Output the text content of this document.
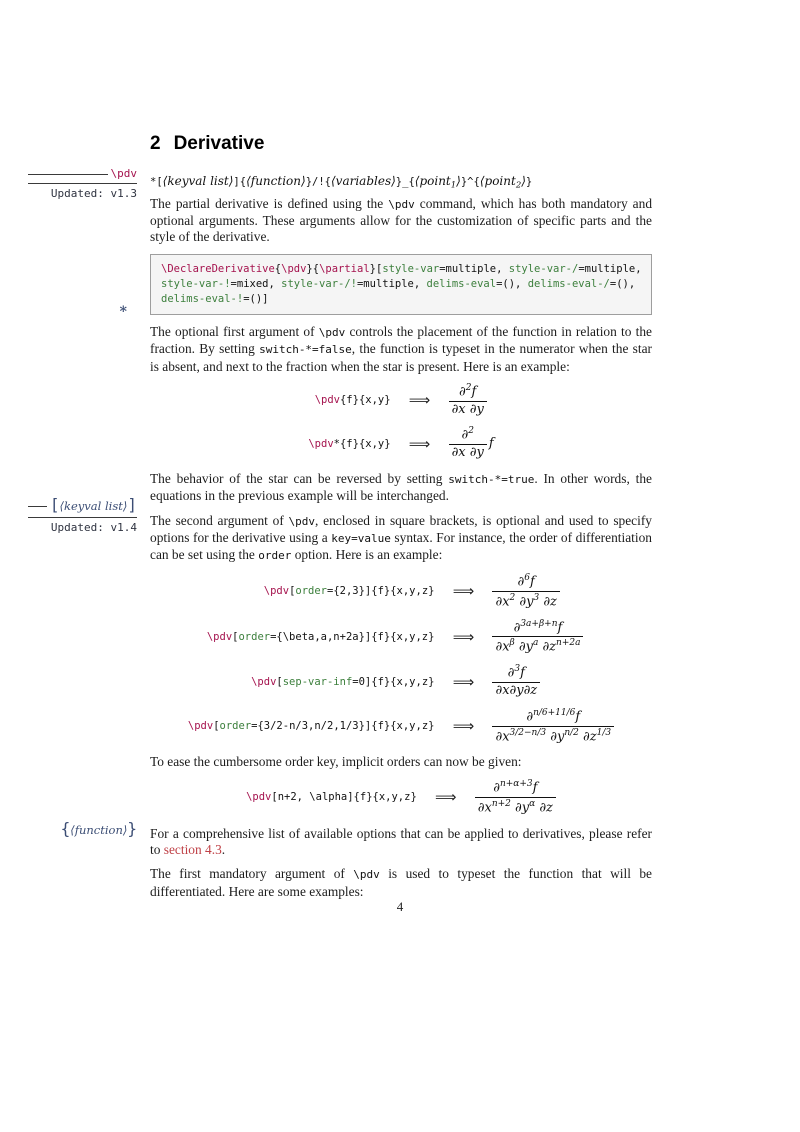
\pdv
Updated: v1.3
*
[⟨keyval list⟩]
Updated: v1.4
{⟨function⟩}
2 Derivative
*[⟨keyval list⟩]{⟨function⟩}/!{⟨variables⟩}_{⟨point$_1$⟩}^{⟨point$_2$⟩}

The partial derivative is defined using the \pdv command, which has both mandatory and optional arguments. These arguments allow for the customization of specific parts and the style of the derivative.

\DeclareDerivative{\pdv}{\partial}[style-var=multiple, style-var-/=multiple,
style-var-!=mixed, style-var-/!=multiple, delims-eval=(), delims-eval-/=(),
delims-eval-!=()]

The optional first argument of \pdv controls the placement of the function in relation to the fraction. By setting switch-*=false, the function is typeset in the numerator when the star is absent, and next to the fraction when the star is present. Here is an example:

\pdv{f}{x,y}	⟹	$\frac{\partial^2f}{\partial x \partial y}$
\pdv*{f}{x,y}	⟹	$\frac{\partial^2}{\partial x \partial y}$ f

The behavior of the star can be reversed by setting switch-*=true. In other words, the equations in the previous example will be interchanged.

The second argument of \pdv, enclosed in square brackets, is optional and used to specify options for the derivative using a key=value syntax. For instance, the order of differentiation can be set using the order option. Here is an example:

\pdv[order={2,3}]{f}{x,y,z}	⟹	$\frac{\partial^6f}{\partial x^2 \partial y^3 \partial z}$
\pdv[order={\beta,a,n+2a}]{f}{x,y,z}	⟹	$\frac{\partial^{3a+\beta+n}f}{\partial x^\beta \partial y^a \partial z^{n+2a}}$
\pdv[sep-var-inf=0]{f}{x,y,z}	⟹	$\frac{\partial^3f}{\partial x\partial y\partial z}$
\pdv[order={3/2-n/3,n/2,1/3}]{f}{x,y,z}	⟹	$\frac{\partial^{n/6+11/6}f}{\partial x^{3/2-n/3} \partial y^{n/2} \partial z^{1/3}}$

To ease the cumbersome order key, implicit orders can now be given:

\pdv[n+2, \alpha]{f}{x,y,z}	⟹	$\frac{\partial^{n+\alpha+3}f}{\partial x^{n+2} \partial y^\alpha \partial z}$

For a comprehensive list of available options that can be applied to derivatives, please refer to section 4.3.

The first mandatory argument of \pdv is used to typeset the function that will be differentiated. Here are some examples:

4
